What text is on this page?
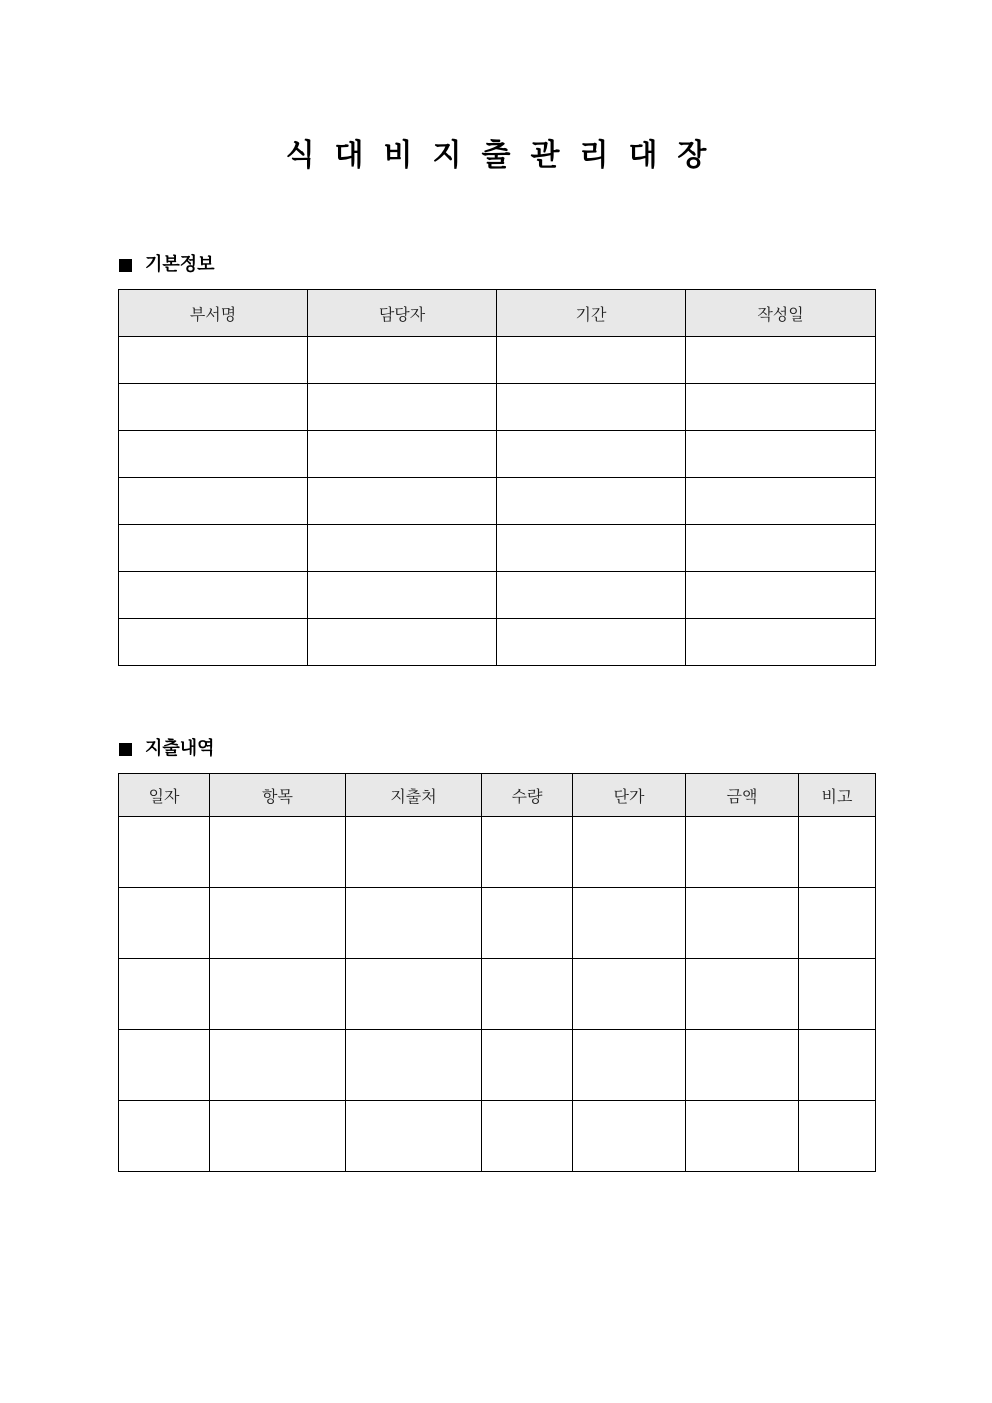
식대비지출관리대장
기본정보
부서명	담당자	기간	작성일

지출내역
일자	항목	지출처	수량	단가	금액	비고
